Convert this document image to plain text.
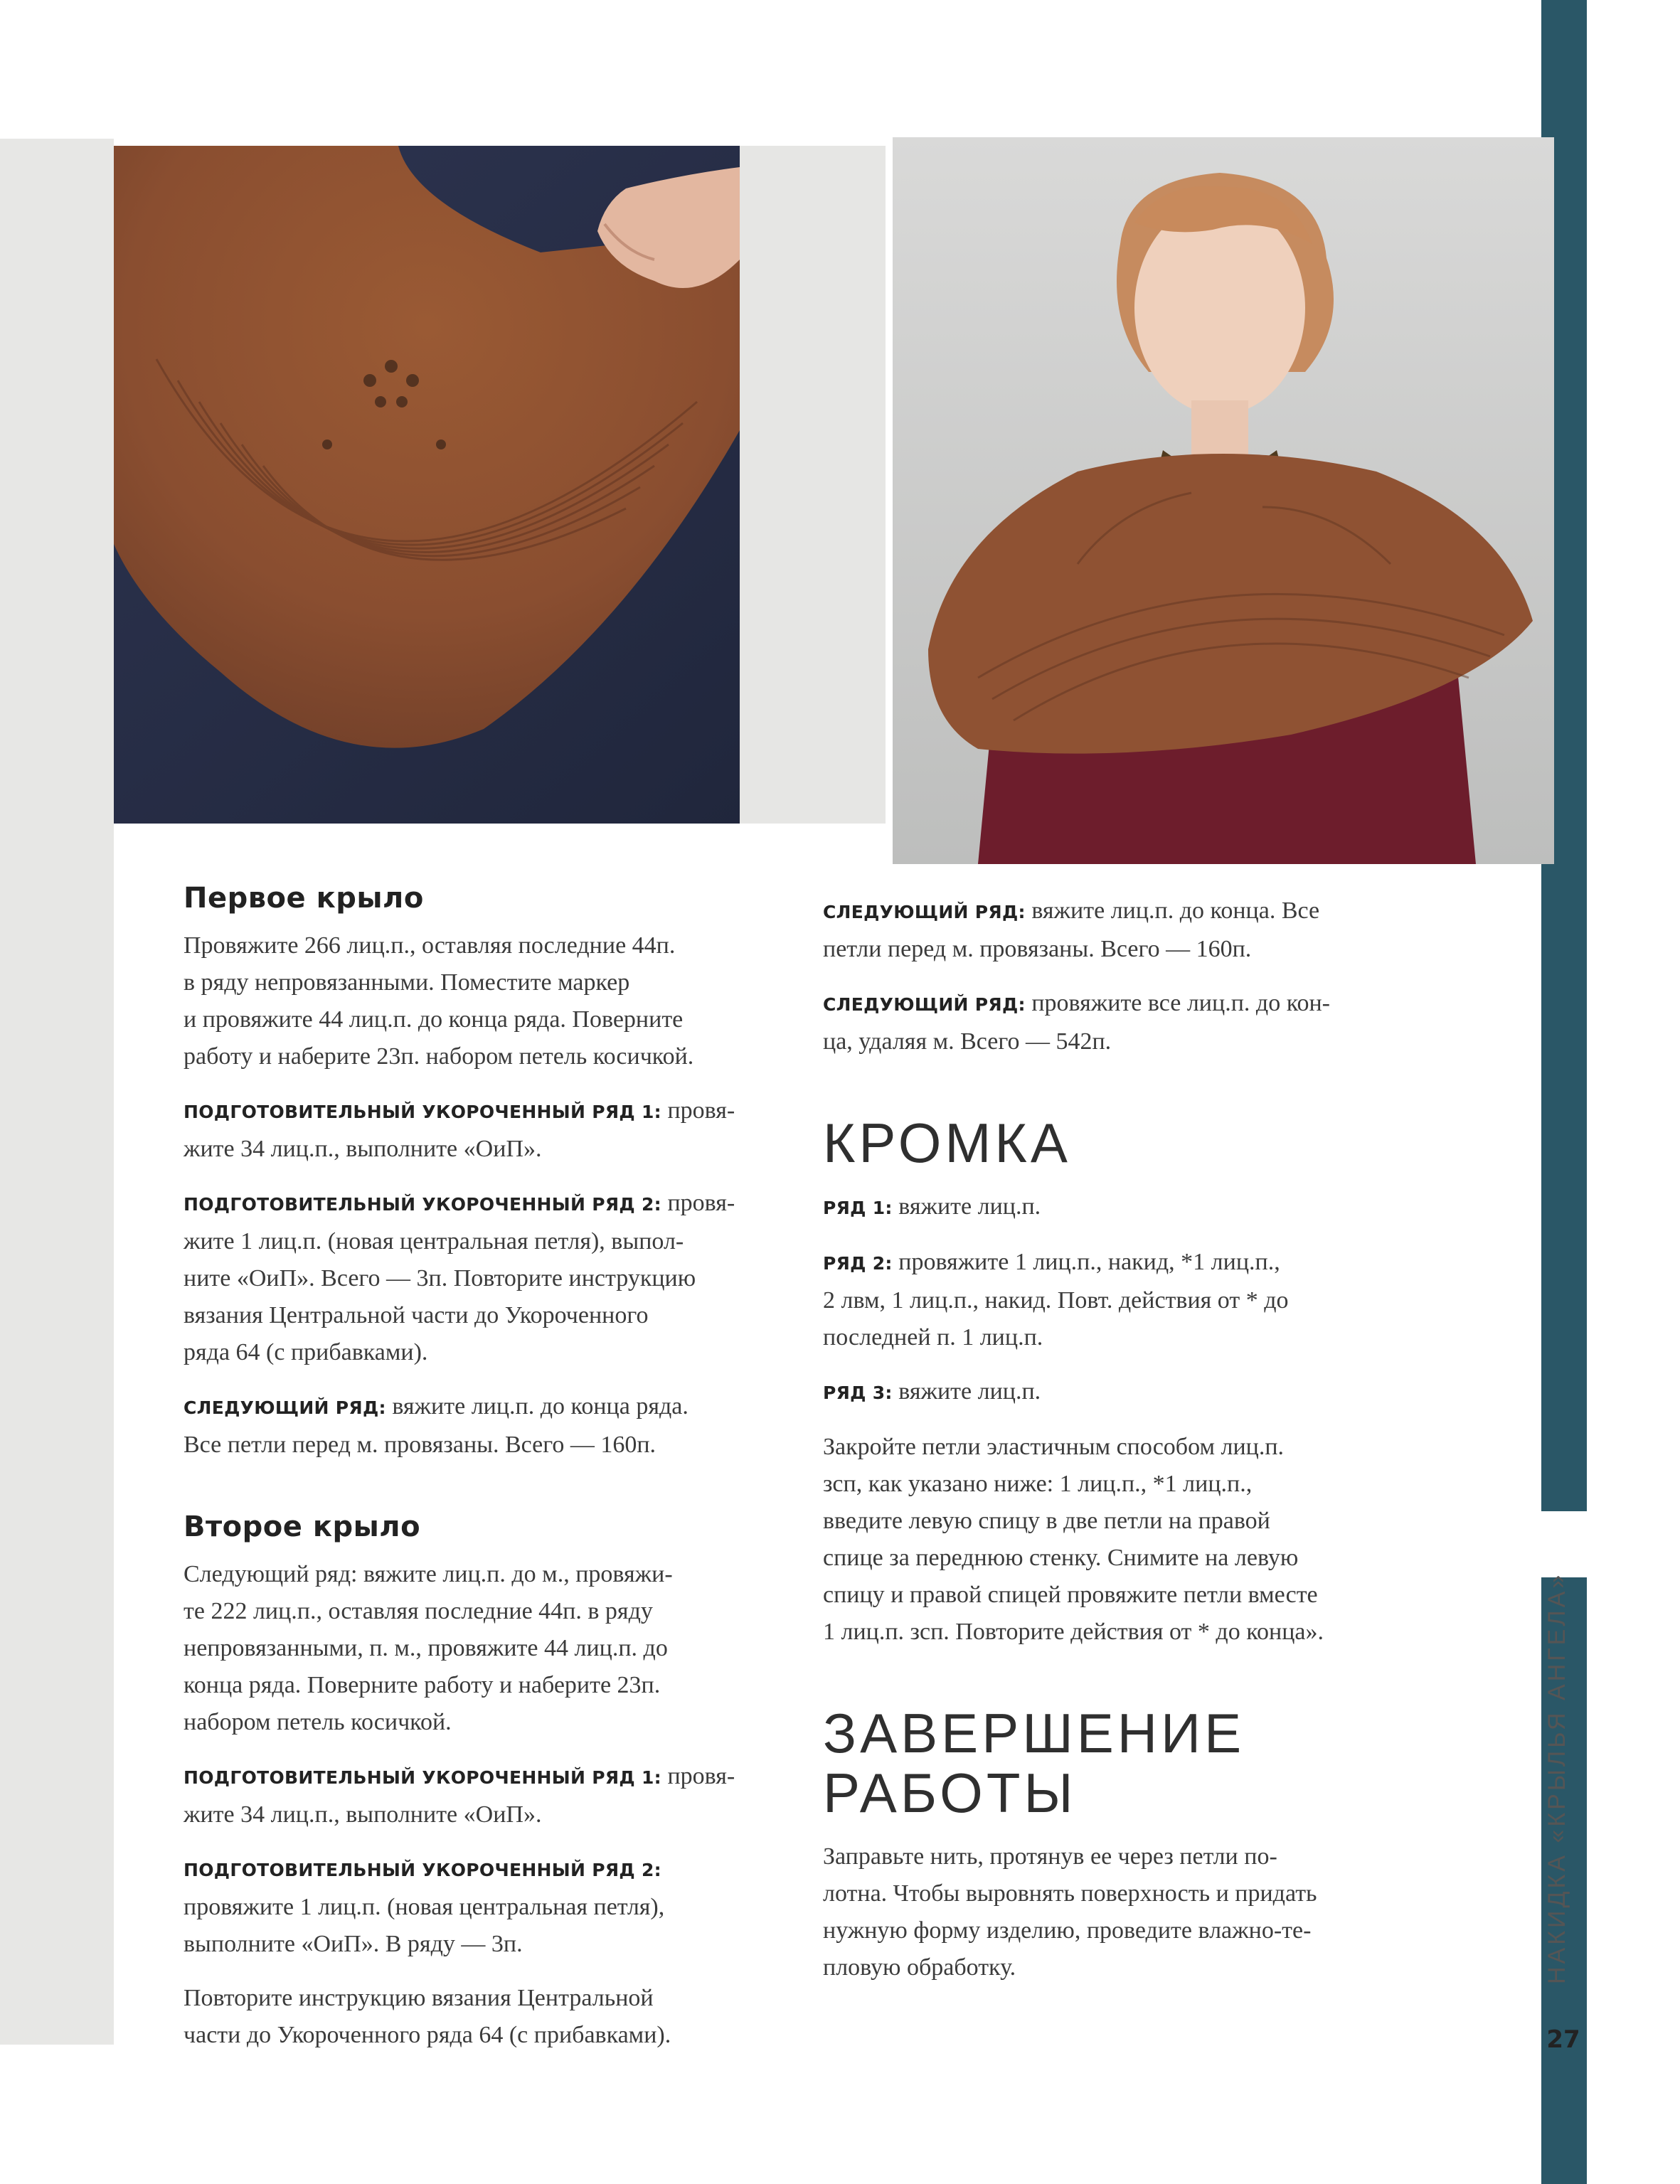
Первое крыло
Провяжите 266 лиц.п., оставляя последние 44п.
в ряду непровязанными. Поместите маркер
и провяжите 44 лиц.п. до конца ряда. Поверните
работу и наберите 23п. набором петель косичкой.
ПОДГОТОВИТЕЛЬНЫЙ УКОРОЧЕННЫЙ РЯД 1: провя-
жите 34 лиц.п., выполните «ОиП».
ПОДГОТОВИТЕЛЬНЫЙ УКОРОЧЕННЫЙ РЯД 2: провя-
жите 1 лиц.п. (новая центральная петля), выпол-
ните «ОиП». Всего — 3п. Повторите инструкцию
вязания Центральной части до Укороченного
ряда 64 (с прибавками).
СЛЕДУЮЩИЙ РЯД: вяжите лиц.п. до конца ряда.
Все петли перед м. провязаны. Всего — 160п.
Второе крыло
Следующий ряд: вяжите лиц.п. до м., провяжи-
те 222 лиц.п., оставляя последние 44п. в ряду
непровязанными, п. м., провяжите 44 лиц.п. до
конца ряда. Поверните работу и наберите 23п.
набором петель косичкой.
ПОДГОТОВИТЕЛЬНЫЙ УКОРОЧЕННЫЙ РЯД 1: провя-
жите 34 лиц.п., выполните «ОиП».
ПОДГОТОВИТЕЛЬНЫЙ УКОРОЧЕННЫЙ РЯД 2:
провяжите 1 лиц.п. (новая центральная петля),
выполните «ОиП». В ряду — 3п.
Повторите инструкцию вязания Центральной
части до Укороченного ряда 64 (с прибавками).
СЛЕДУЮЩИЙ РЯД: вяжите лиц.п. до конца. Все
петли перед м. провязаны. Всего — 160п.
СЛЕДУЮЩИЙ РЯД: провяжите все лиц.п. до кон-
ца, удаляя м. Всего — 542п.
КРОМКА
РЯД 1: вяжите лиц.п.
РЯД 2: провяжите 1 лиц.п., накид, *1 лиц.п.,
2 лвм, 1 лиц.п., накид. Повт. действия от * до
последней п. 1 лиц.п.
РЯД 3: вяжите лиц.п.
Закройте петли эластичным способом лиц.п.
зсп, как указано ниже: 1 лиц.п., *1 лиц.п.,
введите левую спицу в две петли на правой
спице за переднюю стенку. Снимите на левую
спицу и правой спицей провяжите петли вместе
1 лиц.п. зсп. Повторите действия от * до конца».
ЗАВЕРШЕНИЕ
РАБОТЫ
Заправьте нить, протянув ее через петли по-
лотна. Чтобы выровнять поверхность и придать
нужную форму изделию, проведите влажно-те-
пловую обработку.
27
